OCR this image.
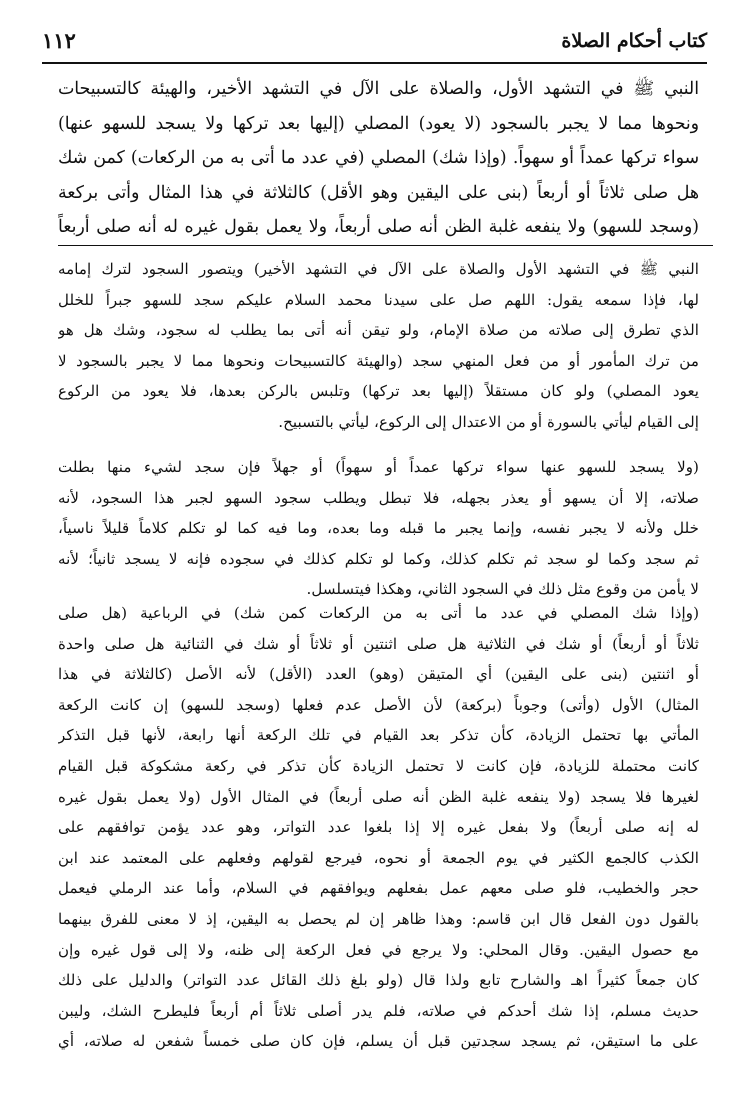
كتاب أحكام الصلاة
١١٢
النبي ﷺ في التشهد الأول، والصلاة على الآل في التشهد الأخير، والهيئة كالتسبيحات
ونحوها مما لا يجبر بالسجود (لا يعود) المصلي (إليها بعد تركها ولا يسجد للسهو عنها)
سواء تركها عمداً أو سهواً. (وإذا شك) المصلي (في عدد ما أتى به من الركعات) كمن شك
هل صلى ثلاثاً أو أربعاً (بنى على اليقين وهو الأقل) كالثلاثة في هذا المثال وأتى بركعة
(وسجد للسهو) ولا ينفعه غلبة الظن أنه صلى أربعاً، ولا يعمل بقول غيره له أنه صلى أربعاً
النبي ﷺ في التشهد الأول والصلاة على الآل في التشهد الأخير) ويتصور السجود لترك إمامه
لها، فإذا سمعه يقول: اللهم صل على سيدنا محمد السلام عليكم سجد للسهو جبراً للخلل
الذي تطرق إلى صلاته من صلاة الإمام، ولو تيقن أنه أتى بما يطلب له سجود، وشك هل هو
من ترك المأمور أو من فعل المنهي سجد (والهيئة كالتسبيحات ونحوها مما لا يجبر بالسجود لا
يعود المصلي) ولو كان مستقلاً (إليها بعد تركها) وتلبس بالركن بعدها، فلا يعود من الركوع
إلى القيام ليأتي بالسورة أو من الاعتدال إلى الركوع، ليأتي بالتسبيح.
(ولا يسجد للسهو عنها سواء تركها عمداً أو سهواً) أو جهلاً فإن سجد لشيء منها بطلت
صلاته، إلا أن يسهو أو يعذر بجهله، فلا تبطل ويطلب سجود السهو لجبر هذا السجود، لأنه
خلل ولأنه لا يجبر نفسه، وإنما يجبر ما قبله وما بعده، وما فيه كما لو تكلم كلاماً قليلاً ناسياً،
ثم سجد وكما لو سجد ثم تكلم كذلك، وكما لو تكلم كذلك في سجوده فإنه لا يسجد ثانياً؛ لأنه
لا يأمن من وقوع مثل ذلك في السجود الثاني، وهكذا فيتسلسل.
(وإذا شك المصلي في عدد ما أتى به من الركعات كمن شك) في الرباعية (هل صلى
ثلاثاً أو أربعاً) أو شك في الثلاثية هل صلى اثنتين أو ثلاثاً أو شك في الثنائية هل صلى واحدة
أو اثنتين (بنى على اليقين) أي المتيقن (وهو) العدد (الأقل) لأنه الأصل (كالثلاثة في هذا
المثال) الأول (وأتى) وجوباً (بركعة) لأن الأصل عدم فعلها (وسجد للسهو) إن كانت الركعة
المأتي بها تحتمل الزيادة، كأن تذكر بعد القيام في تلك الركعة أنها رابعة، لأنها قبل التذكر
كانت محتملة للزيادة، فإن كانت لا تحتمل الزيادة كأن تذكر في ركعة مشكوكة قبل القيام
لغيرها فلا يسجد (ولا ينفعه غلبة الظن أنه صلى أربعاً) في المثال الأول (ولا يعمل بقول غيره
له إنه صلى أربعاً) ولا بفعل غيره إلا إذا بلغوا عدد التواتر، وهو عدد يؤمن توافقهم على
الكذب كالجمع الكثير في يوم الجمعة أو نحوه، فيرجع لقولهم وفعلهم على المعتمد عند ابن
حجر والخطيب، فلو صلى معهم عمل بفعلهم ويوافقهم في السلام، وأما عند الرملي فيعمل
بالقول دون الفعل قال ابن قاسم: وهذا ظاهر إن لم يحصل به اليقين، إذ لا معنى للفرق بينهما
مع حصول اليقين. وقال المحلي: ولا يرجع في فعل الركعة إلى ظنه، ولا إلى قول غيره وإن
كان جمعاً كثيراً اهـ والشارح تابع ولذا قال (ولو بلغ ذلك القائل عدد التواتر) والدليل على ذلك
حديث مسلم، إذا شك أحدكم في صلاته، فلم يدر أصلى ثلاثاً أم أربعاً فليطرح الشك، وليبن
على ما استيقن، ثم يسجد سجدتين قبل أن يسلم، فإن كان صلى خمساً شفعن له صلاته، أي
